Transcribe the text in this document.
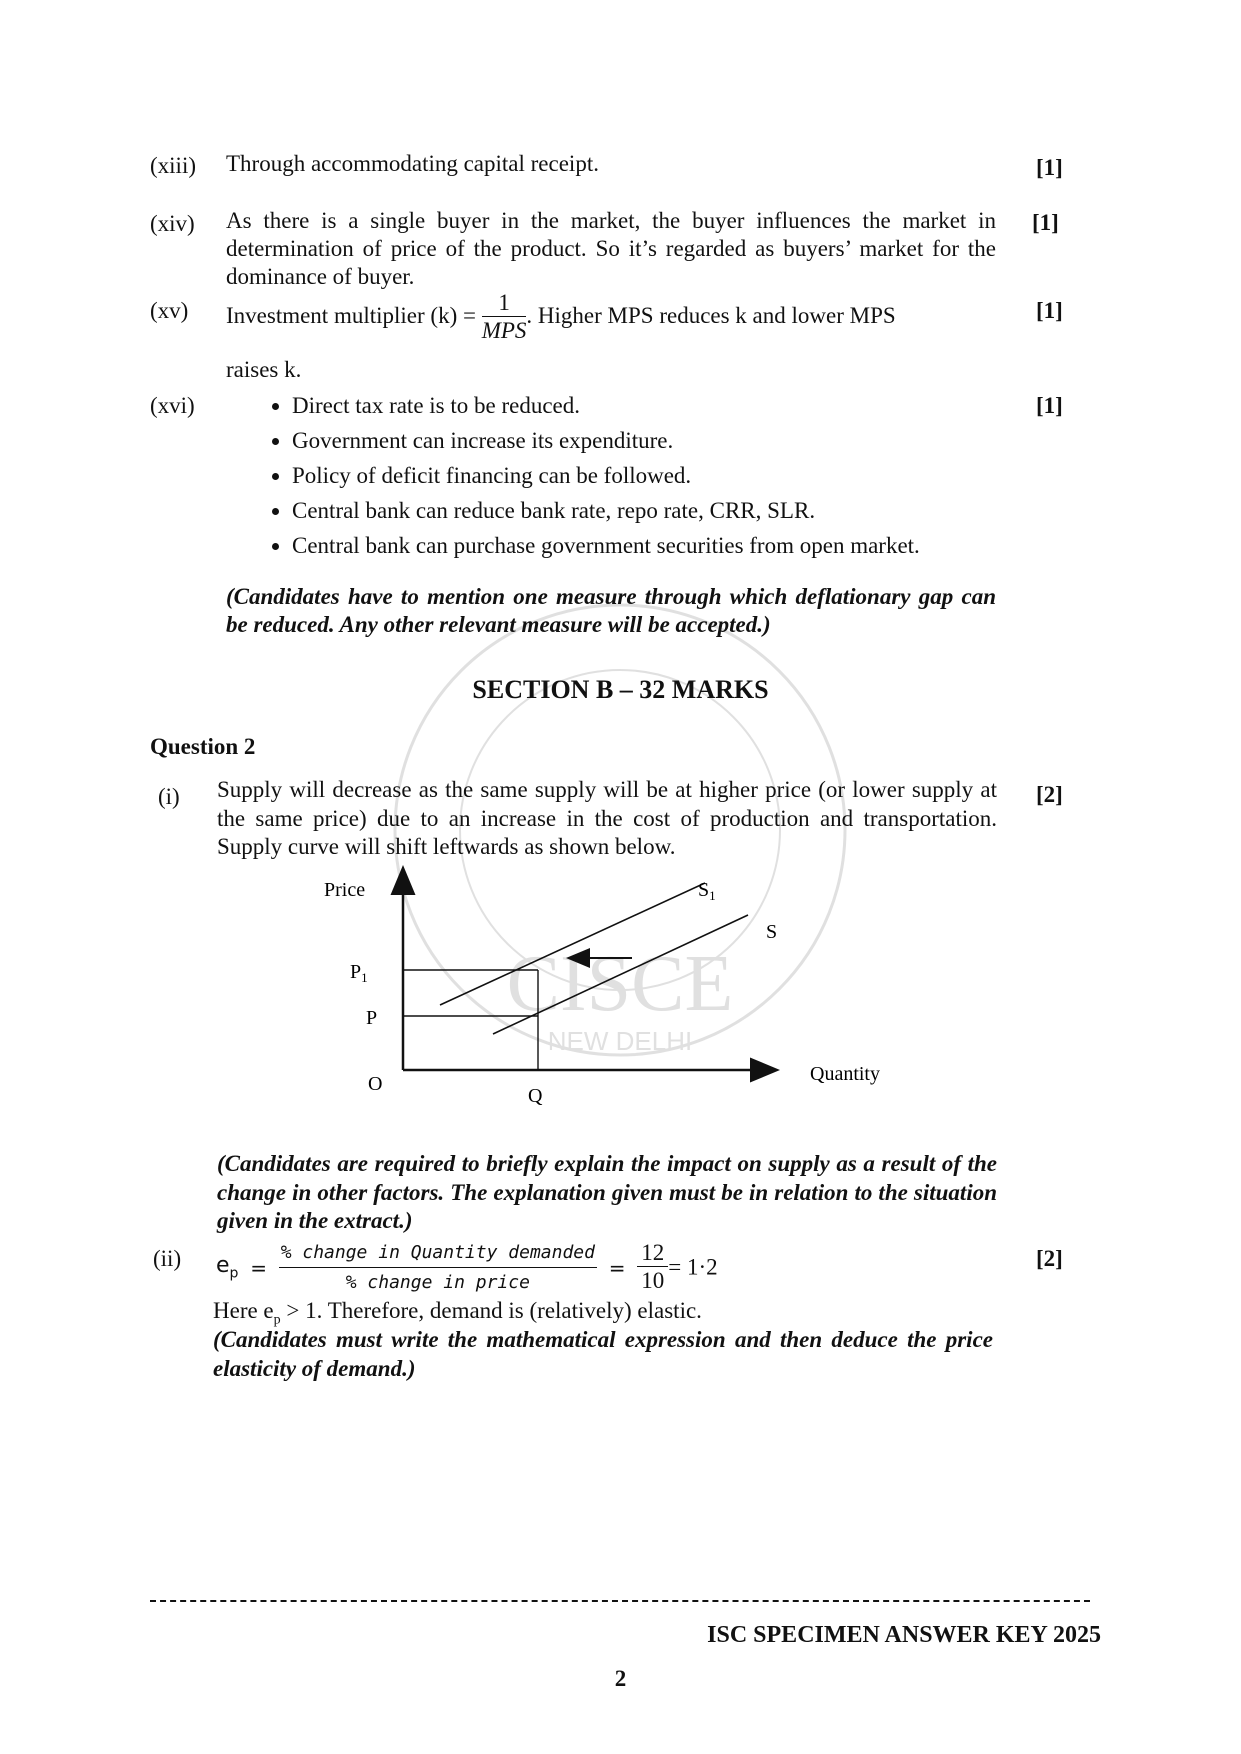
CISCE
NEW DELHI
(xiii) Through accommodating capital receipt.	[1]
(xiv) As there is a single buyer in the market, the buyer influences the market in determination of price of the product. So it’s regarded as buyers’ market for the dominance of buyer.
[1]
(xv) Investment multiplier $(k) = \frac{1}{\text{MPS}}$ . Higher MPS reduces k and lower MPS
raises k.
[1]
(xvi)	[1]
• Direct tax rate is to be reduced.
• Government can increase its expenditure.
• Policy of deficit financing can be followed.
• Central bank can reduce bank rate, repo rate, CRR, SLR.
• Central bank can purchase government securities from open market.
(Candidates have to mention one measure through which deflationary gap can be reduced. Any other relevant measure will be accepted.)
SECTION B – 32 MARKS
Question 2
(i) Supply will decrease as the same supply will be at higher price (or lower supply at the same price) due to an increase in the cost of production and transportation. Supply curve will shift leftwards as shown below.
[2]
Price
Quantity
O
$P_1$
P
Q
$S_1$
S
(Candidates are required to briefly explain the impact on supply as a result of the change in other factors. The explanation given must be in relation to the situation given in the extract.)
(ii)	[2]
$e_p = \frac{\text{\% change in Quantity demanded}}{\text{\% change in price}} = \frac{12}{10} = 1\cdot 2$
Here $e_p > 1$. Therefore, demand is (relatively) elastic.
(Candidates must write the mathematical expression and then deduce the price elasticity of demand.)
ISC SPECIMEN ANSWER KEY 2025
2
